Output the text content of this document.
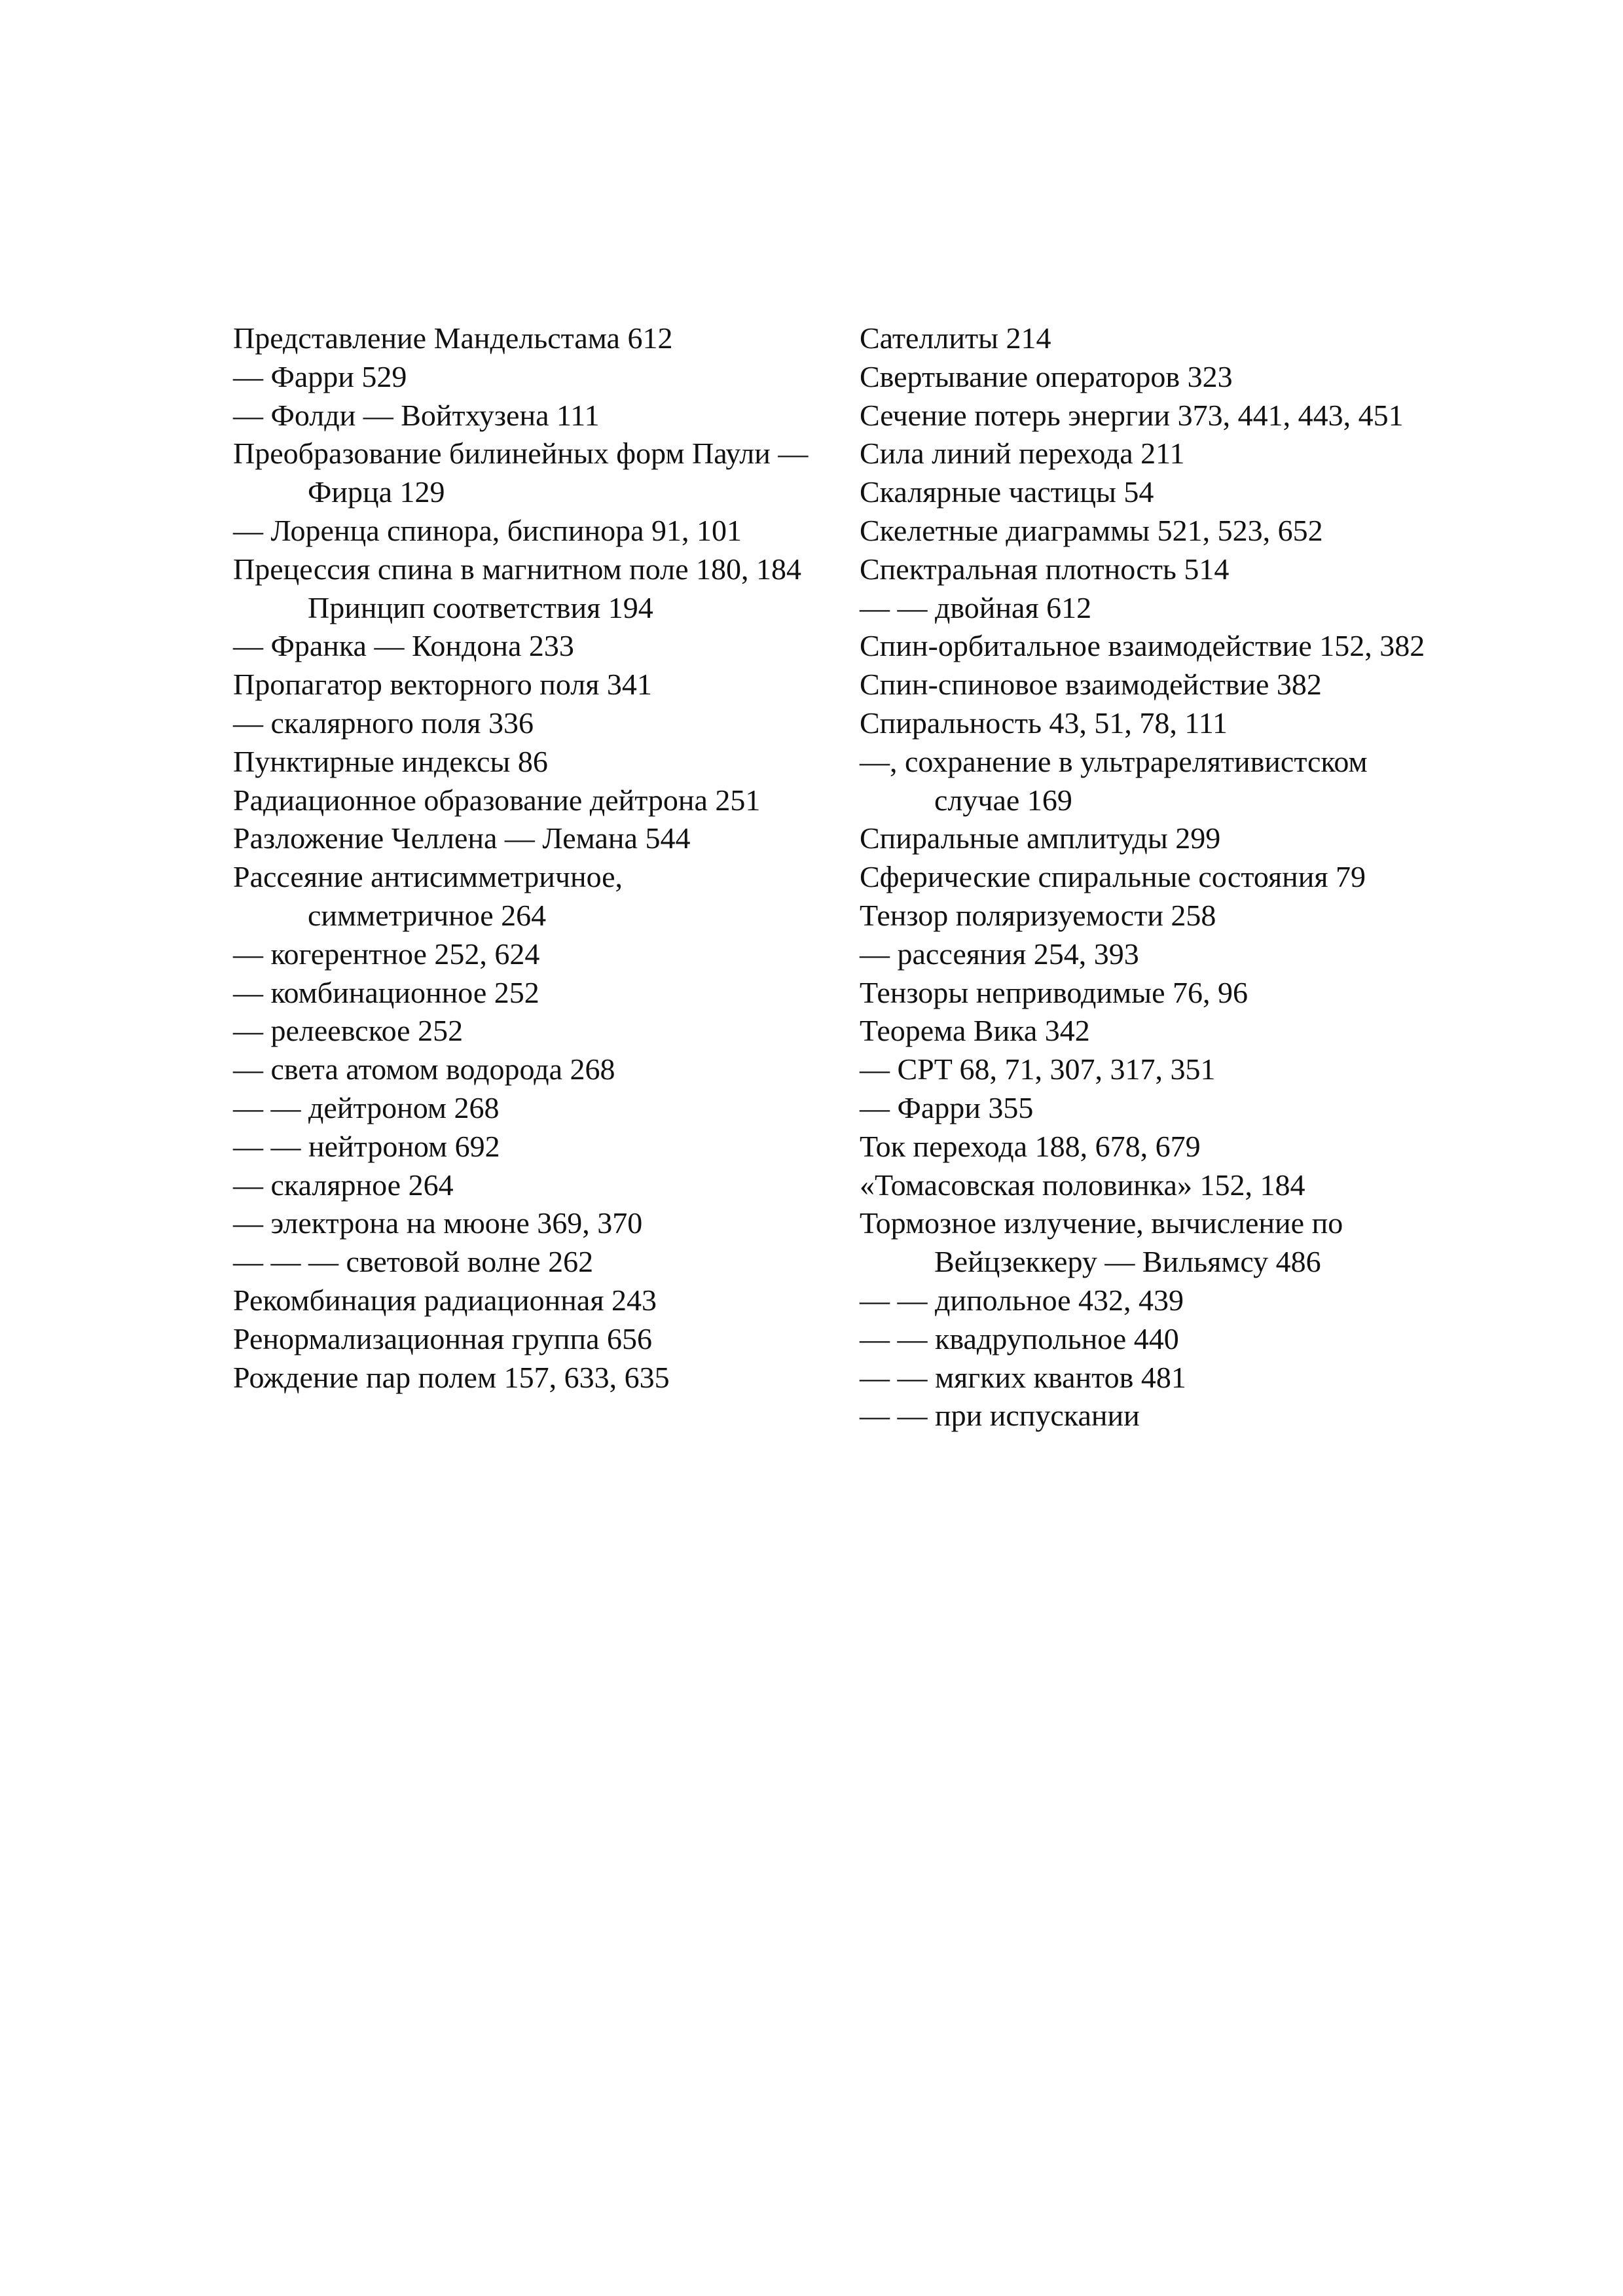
Представление Мандельстама 612

— Фарри 529

— Фолди — Войтхузена 111

Преобразование билинейных форм Паули — Фирца 129

— Лоренца спинора, биспинора 91, 101

Прецессия спина в магнитном поле 180, 184 Принцип соответствия 194

— Франка — Кондона 233

Пропагатор векторного поля 341

— скалярного поля 336

Пунктирные индексы 86

Радиационное образование дейтрона 251

Разложение Челлена — Лемана 544

Рассеяние антисимметричное, симметричное 264

— когерентное 252, 624

— комбинационное 252

— релеевское 252

— света атомом водорода 268

— — дейтроном 268

— — нейтроном 692

— скалярное 264

— электрона на мюоне 369, 370

— — — световой волне 262

Рекомбинация радиационная 243

Ренормализационная группа 656

Рождение пар полем 157, 633, 635

Сателлиты 214

Свертывание операторов 323

Сечение потерь энергии 373, 441, 443, 451

Сила линий перехода 211

Скалярные частицы 54

Скелетные диаграммы 521, 523, 652

Спектральная плотность 514

— — двойная 612

Спин-орбитальное взаимодействие 152, 382

Спин-спиновое взаимодействие 382

Спиральность 43, 51, 78, 111

—, сохранение в ультрарелятивистском случае 169

Спиральные амплитуды 299

Сферические спиральные состояния 79

Тензор поляризуемости 258

— рассеяния 254, 393

Тензоры неприводимые 76, 96

Теорема Вика 342

— CPT 68, 71, 307, 317, 351

— Фарри 355

Ток перехода 188, 678, 679

«Томасовская половинка» 152, 184

Тормозное излучение, вычисление по Вейцзеккеру — Вильямсу 486

— — дипольное 432, 439

— — квадрупольное 440

— — мягких квантов 481

— — при испускании
